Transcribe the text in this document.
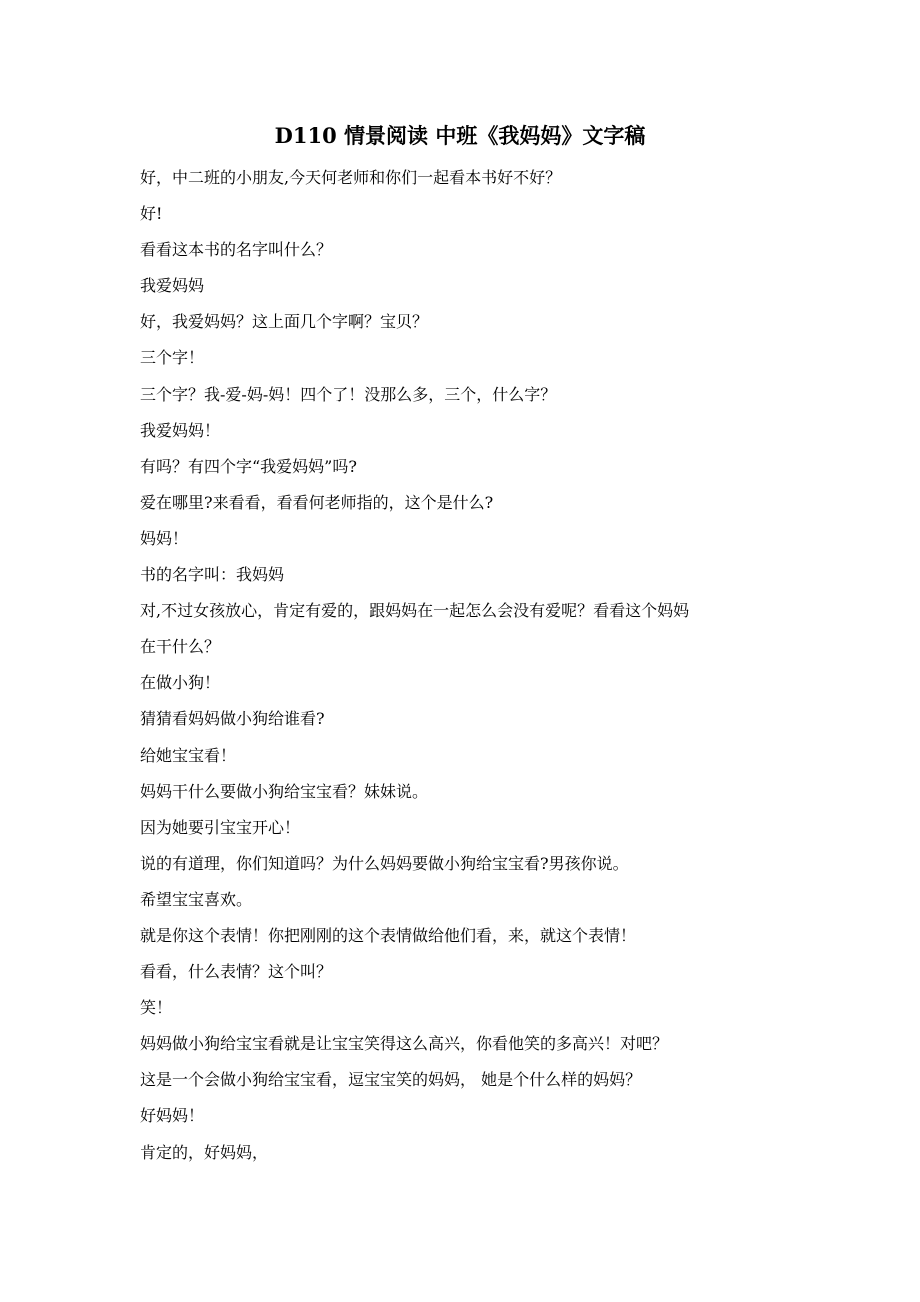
D110 情景阅读 中班《我妈妈》文字稿
好，中二班的小朋友,今天何老师和你们一起看本书好不好？
好!
看看这本书的名字叫什么？
我爱妈妈
好，我爱妈妈？这上面几个字啊？宝贝？
三个字！
三个字？我-爱-妈-妈！四个了！没那么多，三个，什么字？
我爱妈妈！
有吗？有四个字“我爱妈妈”吗?
爱在哪里?来看看，看看何老师指的，这个是什么?
妈妈！
书的名字叫：我妈妈
对,不过女孩放心，肯定有爱的，跟妈妈在一起怎么会没有爱呢？看看这个妈妈
在干什么？
在做小狗！
猜猜看妈妈做小狗给谁看?
给她宝宝看！
妈妈干什么要做小狗给宝宝看？妹妹说。
因为她要引宝宝开心！
说的有道理，你们知道吗？为什么妈妈要做小狗给宝宝看?男孩你说。
希望宝宝喜欢。
就是你这个表情！你把刚刚的这个表情做给他们看，来，就这个表情！
看看，什么表情？这个叫？
笑！
妈妈做小狗给宝宝看就是让宝宝笑得这么高兴，你看他笑的多高兴！对吧？
这是一个会做小狗给宝宝看，逗宝宝笑的妈妈， 她是个什么样的妈妈？
好妈妈！
肯定的，好妈妈，
